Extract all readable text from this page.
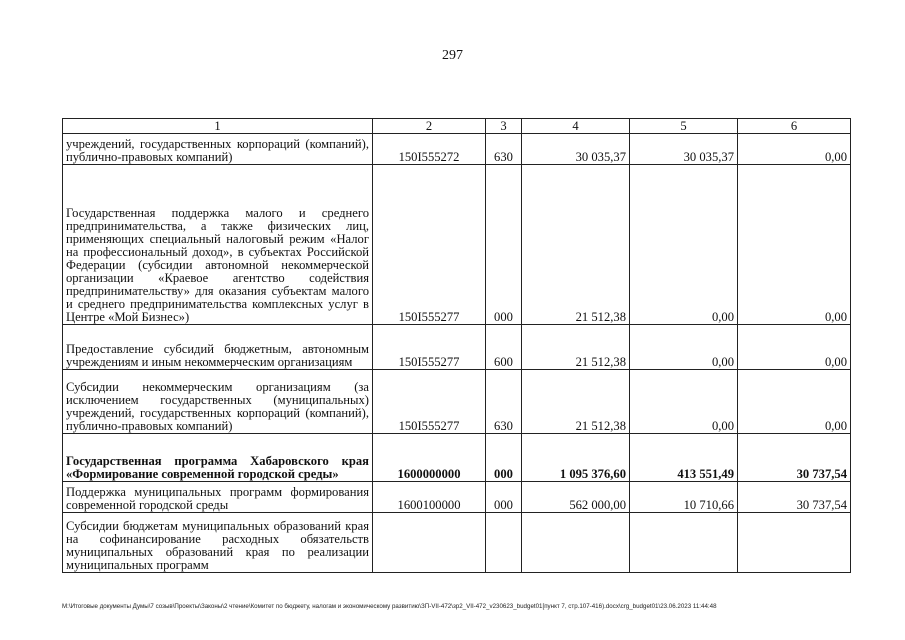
297
1	2	3	4	5	6
учреждений, государственных корпораций (компаний), публично-правовых компаний)	150I555272	630	30 035,37	30 035,37	0,00
Государственная поддержка малого и среднего предпринимательства, а также физических лиц, применяющих специальный налоговый режим «Налог на профессиональный доход», в субъектах Российской Федерации (субсидии автономной некоммерческой организации «Краевое агентство содействия предпринимательству» для оказания субъектам малого и среднего предпринимательства комплексных услуг в Центре «Мой Бизнес»)	150I555277	000	21 512,38	0,00	0,00
Предоставление субсидий бюджетным, автономным учреждениям и иным некоммерческим организациям	150I555277	600	21 512,38	0,00	0,00
Субсидии некоммерческим организациям (за исключением государственных (муниципальных) учреждений, государственных корпораций (компаний), публично-правовых компаний)	150I555277	630	21 512,38	0,00	0,00
Государственная программа Хабаровского края «Формирование современной городской среды»	1600000000	000	1 095 376,60	413 551,49	30 737,54
Поддержка муниципальных программ формирования современной городской среды	1600100000	000	562 000,00	10 710,66	30 737,54
Субсидии бюджетам муниципальных образований края на софинансирование расходных обязательств муниципальных образований края по реализации муниципальных программ					
M:\Итоговые документы Думы\7 созыв\Проекты\Законы\2 чтение\Комитет по бюджету, налогам и экономическому развитию\ЗП-VII-472\зр2_VII-472_v230623_budget01[пункт 7, стр.107-416).docx\crg_budget01\23.06.2023 11:44:48
